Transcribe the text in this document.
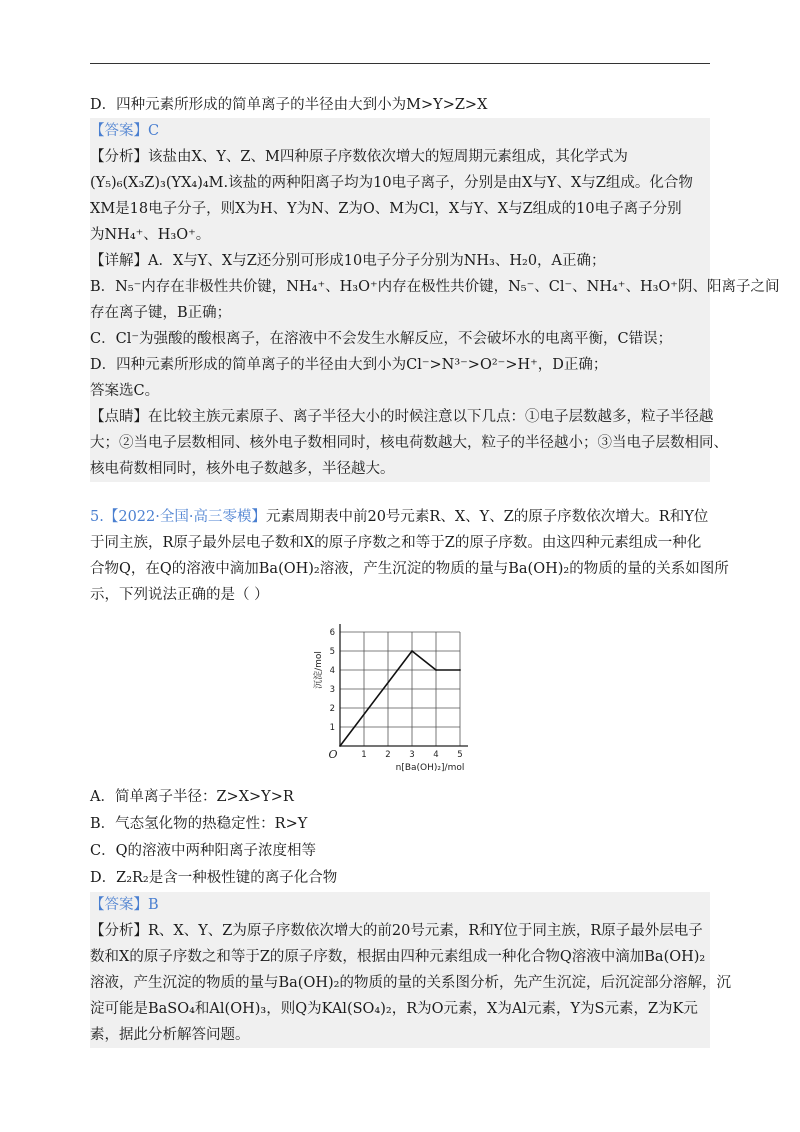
D．四种元素所形成的简单离子的半径由大到小为M>Y>Z>X
【答案】C
【分析】该盐由X、Y、Z、M四种原子序数依次增大的短周期元素组成，其化学式为
(Y₅)₆(X₃Z)₃(YX₄)₄M.该盐的两种阳离子均为10电子离子，分别是由X与Y、X与Z组成。化合物
XM是18电子分子，则X为H、Y为N、Z为O、M为Cl，X与Y、X与Z组成的10电子离子分别
为NH₄⁺、H₃O⁺。
【详解】A．X与Y、X与Z还分别可形成10电子分子分别为NH₃、H₂0，A正确；
B．N₅⁻内存在非极性共价键，NH₄⁺、H₃O⁺内存在极性共价键，N₅⁻、Cl⁻、NH₄⁺、H₃O⁺阴、阳离子之间
存在离子键，B正确；
C．Cl⁻为强酸的酸根离子，在溶液中不会发生水解反应，不会破坏水的电离平衡，C错误；
D．四种元素所形成的简单离子的半径由大到小为Cl⁻>N³⁻>O²⁻>H⁺，D正确；
答案选C。
【点睛】在比较主族元素原子、离子半径大小的时候注意以下几点：①电子层数越多，粒子半径越
大；②当电子层数相同、核外电子数相同时，核电荷数越大，粒子的半径越小；③当电子层数相同、
核电荷数相同时，核外电子数越多，半径越大。
5.【2022·全国·高三零模】元素周期表中前20号元素R、X、Y、Z的原子序数依次增大。R和Y位
于同主族，R原子最外层电子数和X的原子序数之和等于Z的原子序数。由这四种元素组成一种化
合物Q，在Q的溶液中滴加Ba(OH)₂溶液，产生沉淀的物质的量与Ba(OH)₂的物质的量的关系如图所
示，下列说法正确的是（ ）
1 2 3 4 5
1
2
3
4
5
6
沉淀/mol
n[Ba(OH)₂]/mol
O
A．简单离子半径：Z>X>Y>R
B．气态氢化物的热稳定性：R>Y
C．Q的溶液中两种阳离子浓度相等
D．Z₂R₂是含一种极性键的离子化合物
【答案】B
【分析】R、X、Y、Z为原子序数依次增大的前20号元素，R和Y位于同主族，R原子最外层电子
数和X的原子序数之和等于Z的原子序数，根据由四种元素组成一种化合物Q溶液中滴加Ba(OH)₂
溶液，产生沉淀的物质的量与Ba(OH)₂的物质的量的关系图分析，先产生沉淀，后沉淀部分溶解，沉
淀可能是BaSO₄和Al(OH)₃，则Q为KAl(SO₄)₂，R为O元素，X为Al元素，Y为S元素，Z为K元
素，据此分析解答问题。
